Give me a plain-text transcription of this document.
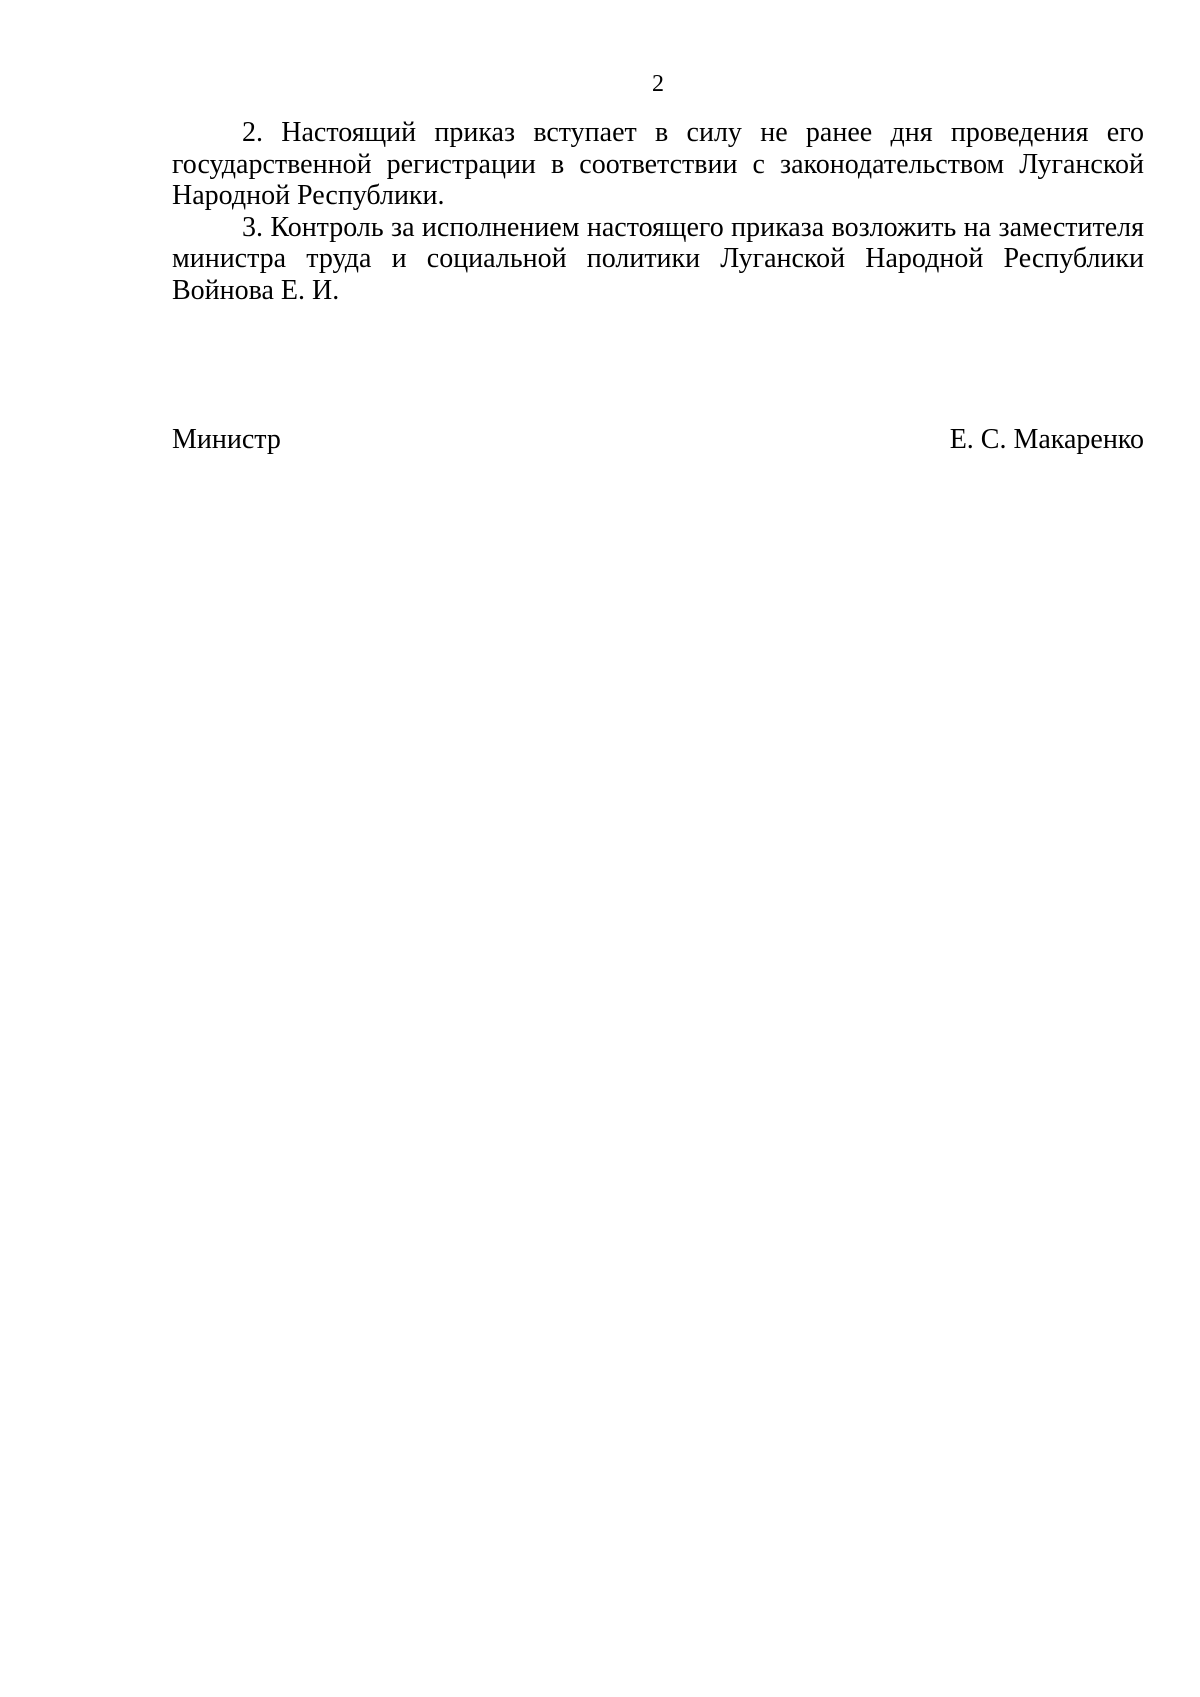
2

2. Настоящий приказ вступает в силу не ранее дня проведения его государственной регистрации в соответствии с законодательством Луганской Народной Республики.

3. Контроль за исполнением настоящего приказа возложить на заместителя министра труда и социальной политики Луганской Народной Республики Войнова Е. И.

Министр	Е. С. Макаренко
